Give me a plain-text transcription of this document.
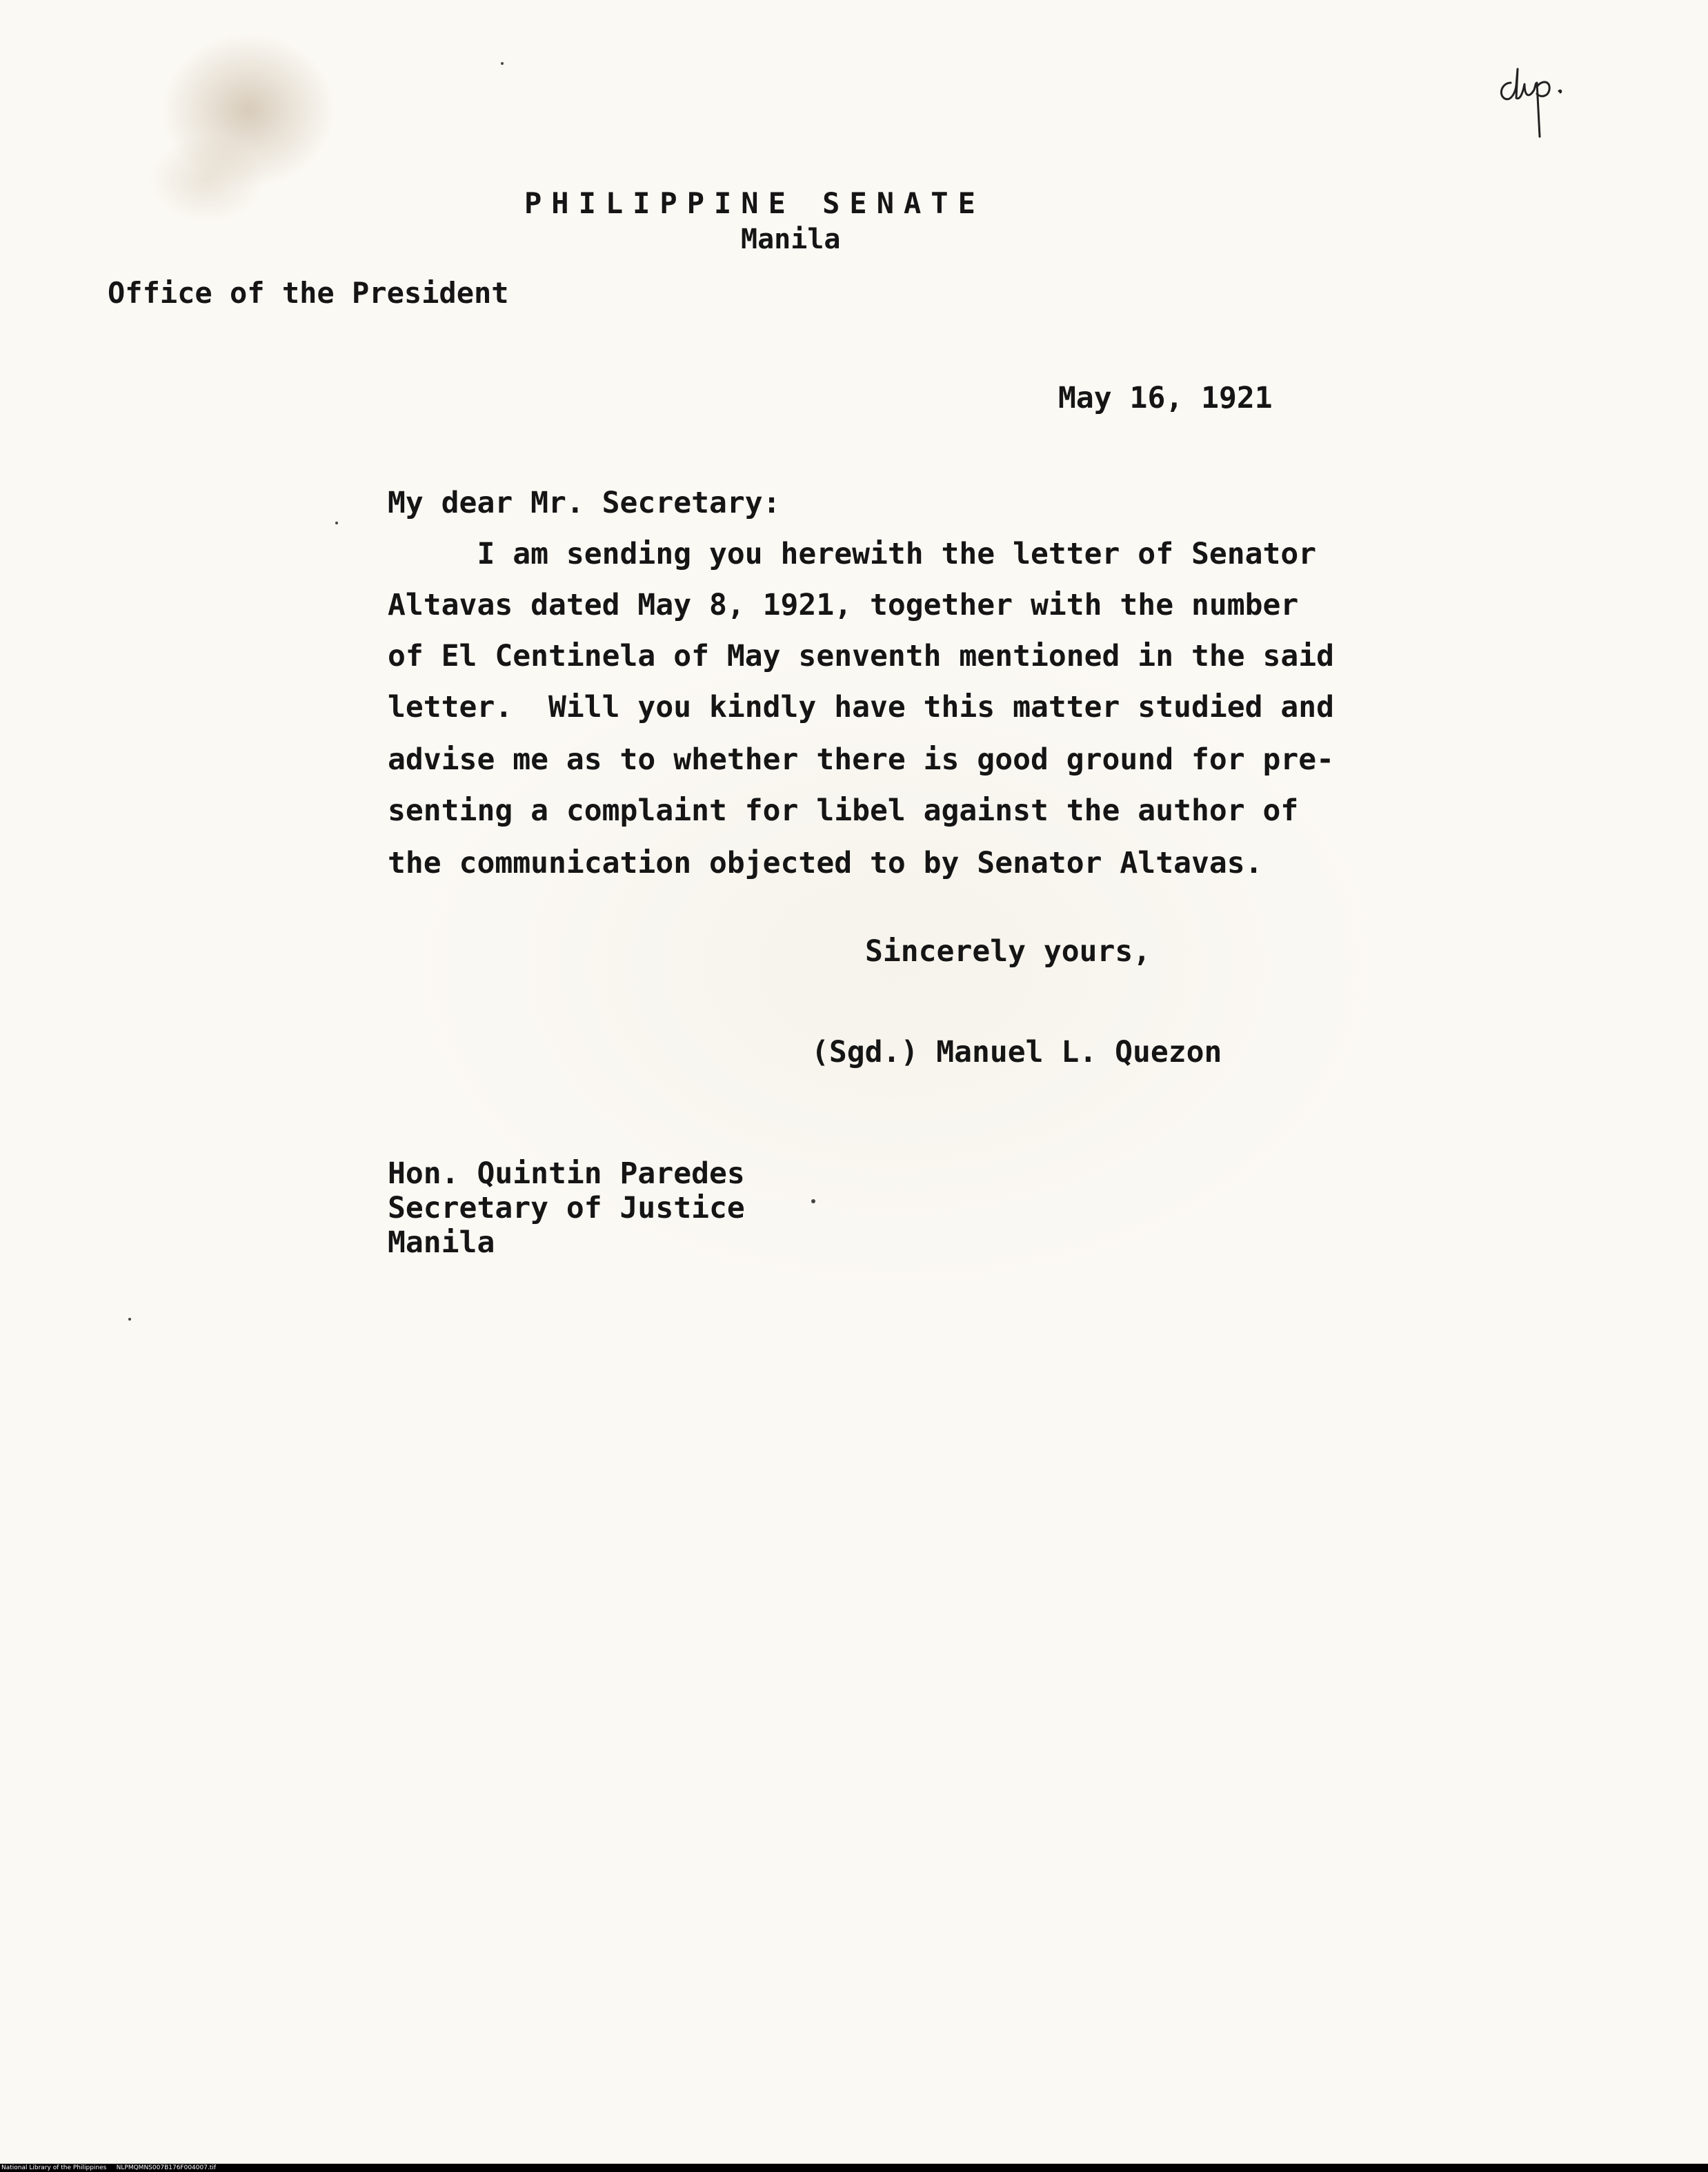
PHILIPPINE SENATE
Manila
Office of the President
May 16, 1921
My dear Mr. Secretary:
I am sending you herewith the letter of Senator
Altavas dated May 8, 1921, together with the number
of El Centinela of May senventh mentioned in the said
letter.  Will you kindly have this matter studied and
advise me as to whether there is good ground for pre-
senting a complaint for libel against the author of
the communication objected to by Senator Altavas.
Sincerely yours,
(Sgd.) Manuel L. Quezon
Hon. Quintin Paredes
Secretary of Justice
Manila
National Library of the Philippines     NLPMQMNS007B176F004007.tif
